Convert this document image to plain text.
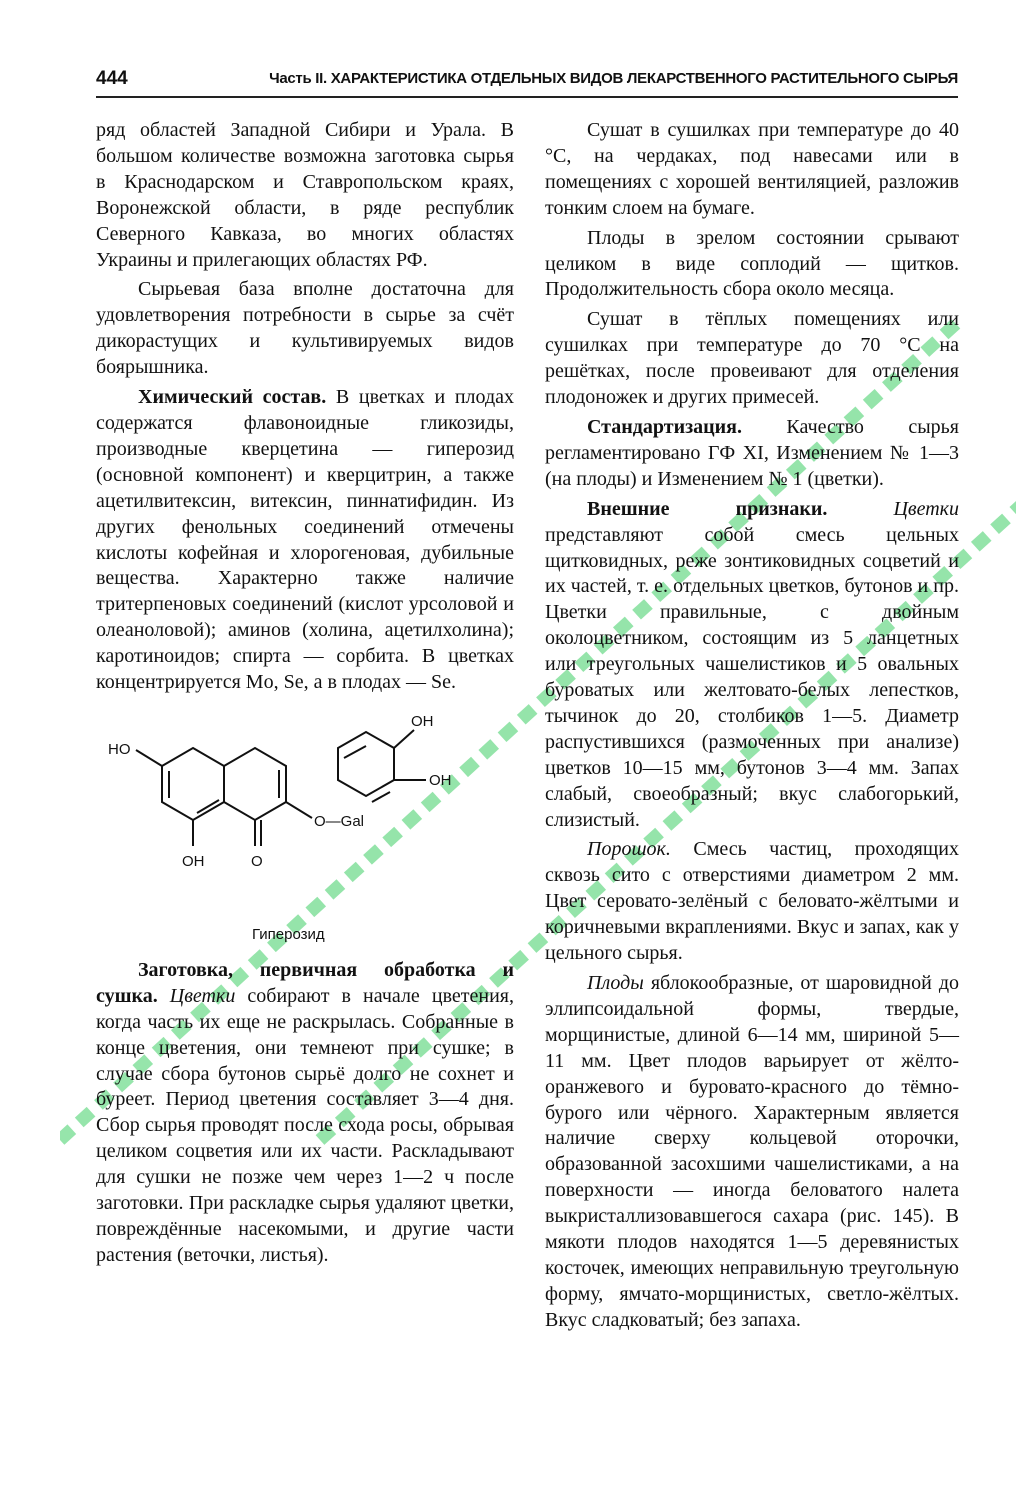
444	Часть II. ХАРАКТЕРИСТИКА ОТДЕЛЬНЫХ ВИДОВ ЛЕКАРСТВЕННОГО РАСТИТЕЛЬНОГО СЫРЬЯ

ряд областей Западной Сибири и Урала. В большом количестве возможна заготовка сырья в Краснодарском и Ставропольском краях, Воронежской области, в ряде республик Северного Кавказа, во многих областях Украины и прилегающих областях РФ.

Сырьевая база вполне достаточна для удовлетворения потребности в сырье за счёт дикорастущих и культивируемых видов боярышника.

Химический состав. В цветках и плодах содержатся флавоноидные гликозиды, производные кверцетина — гиперозид (основной компонент) и кверцитрин, а также ацетилвитексин, витексин, пиннатифидин. Из других фенольных соединений отмечены кислоты кофейная и хлорогеновая, дубильные вещества. Характерно также наличие тритерпеновых соединений (кислот урсоловой и олеаноловой); аминов (холина, ацетилхолина); каротиноидов; спирта — сорбита. В цветках концентрируется Mo, Se, а в плодах — Se.

HO
OH
OH
OH	O
O—Gal
Гиперозид

Заготовка, первичная обработка и сушка. Цветки собирают в начале цветения, когда часть их еще не раскрылась. Собранные в конце цветения, они темнеют при сушке; в случае сбора бутонов сырьё долго не сохнет и буреет. Период цветения составляет 3—4 дня. Сбор сырья проводят после схода росы, обрывая целиком соцветия или их части. Раскладывают для сушки не позже чем через 1—2 ч после заготовки. При раскладке сырья удаляют цветки, повреждённые насекомыми, и другие части растения (веточки, листья).

Сушат в сушилках при температуре до 40 °С, на чердаках, под навесами или в помещениях с хорошей вентиляцией, разложив тонким слоем на бумаге.

Плоды в зрелом состоянии срывают целиком в виде соплодий — щитков. Продолжительность сбора около месяца.

Сушат в тёплых помещениях или сушилках при температуре до 70 °С на решётках, после провеивают для отделения плодоножек и других примесей.

Стандартизация. Качество сырья регламентировано ГФ XI, Изменением № 1—3 (на плоды) и Изменением № 1 (цветки).

Внешние признаки.	Цветки представляют собой смесь цельных щитковидных, реже зонтиковидных соцветий и их частей, т. е. отдельных цветков, бутонов и пр. Цветки правильные, с двойным околоцветником, состоящим из 5 ланцетных или треугольных чашелистиков и 5 овальных буроватых или желтовато-белых лепестков, тычинок до 20, столбиков 1—5. Диаметр распустившихся (размоченных при анализе) цветков 10—15 мм, бутонов 3—4 мм. Запах слабый, своеобразный; вкус слабогорький, слизистый.

Порошок. Смесь частиц, проходящих сквозь сито с отверстиями диаметром 2 мм. Цвет серовато-зелёный с беловато-жёлтыми и коричневыми вкраплениями. Вкус и запах, как у цельного сырья.

Плоды яблокообразные, от шаровидной до эллипсоидальной формы, твердые, морщинистые, длиной 6—14 мм, шириной 5—11 мм. Цвет плодов варьирует от жёлто-оранжевого и буровато-красного до тёмно-бурого или чёрного. Характерным является наличие сверху кольцевой оторочки, образованной засохшими чашелистиками, а на поверхности — иногда беловатого налета выкристаллизовавшегося сахара (рис. 145). В мякоти плодов находятся 1—5 деревянистых косточек, имеющих неправильную треугольную форму, ямчато-морщинистых, светло-жёлтых. Вкус сладковатый; без запаха.
